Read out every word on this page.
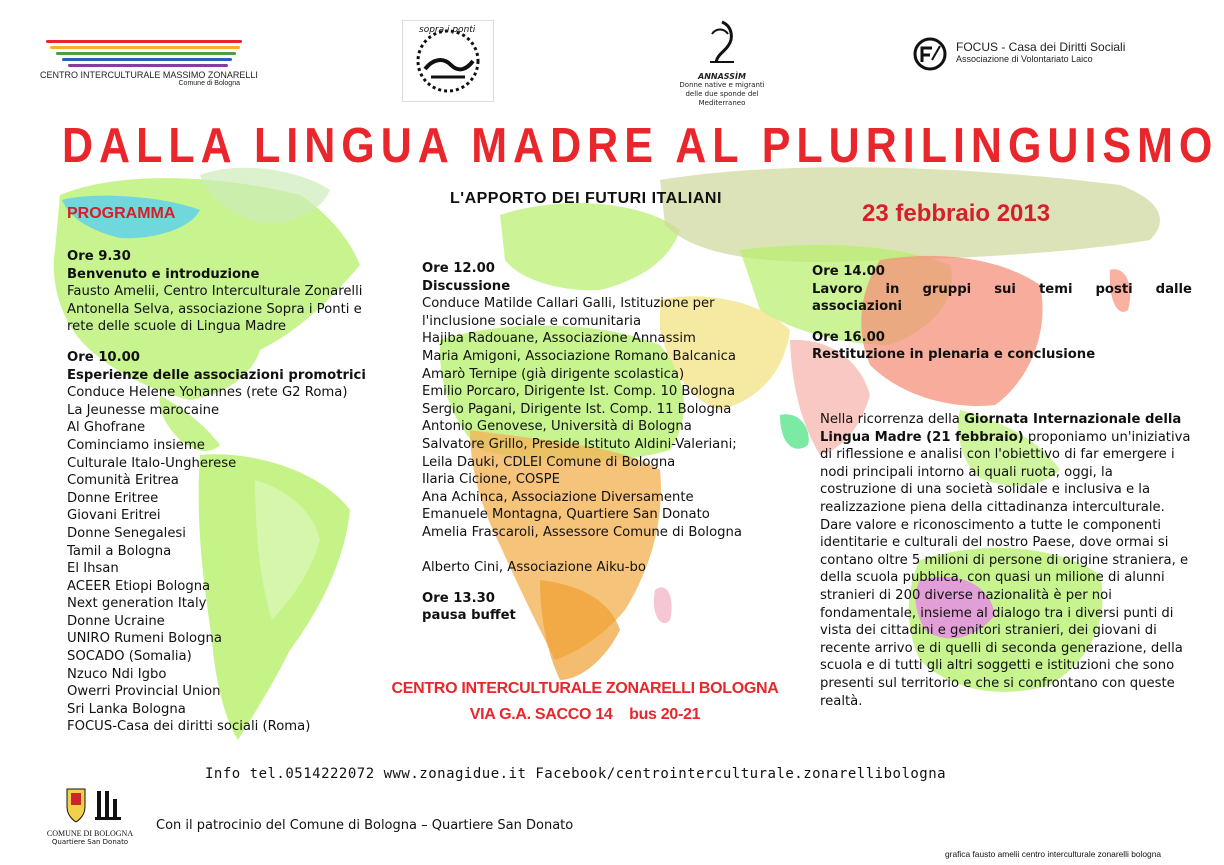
CENTRO INTERCULTURALE MASSIMO ZONARELLI
Comune di Bologna
sopra i ponti
ANNASSÌM
Donne native e migranti delle due sponde del Mediterraneo
FOCUS - Casa dei Diritti Sociali
Associazione di Volontariato Laico
DALLA LINGUA MADRE AL PLURILINGUISMO
L'APPORTO DEI FUTURI ITALIANI
PROGRAMMA	23 febbraio 2013
Ore 9.30
Benvenuto e introduzione
Fausto Amelii, Centro Interculturale Zonarelli
Antonella Selva, associazione Sopra i Ponti e
rete delle scuole di Lingua Madre
Ore 10.00
Esperienze delle associazioni promotrici
Conduce Helene Yohannes (rete G2 Roma)
La Jeunesse marocaine
Al Ghofrane
Cominciamo insieme
Culturale Italo-Ungherese
Comunità Eritrea
Donne Eritree
Giovani Eritrei
Donne Senegalesi
Tamil a Bologna
El Ihsan
ACEER Etiopi Bologna
Next generation Italy
Donne Ucraine
UNIRO Rumeni Bologna
SOCADO (Somalia)
Nzuco Ndi Igbo
Owerri Provincial Union
Sri Lanka Bologna
FOCUS-Casa dei diritti sociali (Roma)
Ore 12.00
Discussione
Conduce Matilde Callari Galli, Istituzione per
l'inclusione sociale e comunitaria
Hajiba Radouane, Associazione Annassim
Maria Amigoni, Associazione Romano Balcanica
Amarò Ternipe (già dirigente scolastica)
Emilio Porcaro, Dirigente Ist. Comp. 10 Bologna
Sergio Pagani, Dirigente Ist. Comp. 11 Bologna
Antonio Genovese, Università di Bologna
Salvatore Grillo, Preside Istituto Aldini-Valeriani;
Leila Dauki, CDLEI Comune di Bologna
Ilaria Cicione, COSPE
Ana Achinca, Associazione Diversamente
Emanuele Montagna, Quartiere San Donato
Amelia Frascaroli, Assessore Comune di Bologna
Alberto Cini, Associazione Aiku-bo
Ore 13.30
pausa buffet
Ore 14.00
Lavoro in gruppi sui temi posti dalle
associazioni
Ore 16.00
Restituzione in plenaria e conclusione
Nella ricorrenza della Giornata Internazionale della Lingua Madre (21 febbraio) proponiamo un'iniziativa di riflessione e analisi con l'obiettivo di far emergere i nodi principali intorno ai quali ruota, oggi, la costruzione di una società solidale e inclusiva e la realizzazione piena della cittadinanza interculturale. Dare valore e riconoscimento a tutte le componenti identitarie e culturali del nostro Paese, dove ormai si contano oltre 5 milioni di persone di origine straniera, e della scuola pubblica, con quasi un milione di alunni stranieri di 200 diverse nazionalità è per noi fondamentale, insieme al dialogo tra i diversi punti di vista dei cittadini e genitori stranieri, dei giovani di recente arrivo e di quelli di seconda generazione, della scuola e di tutti gli altri soggetti e istituzioni che sono presenti sul territorio e che si confrontano con queste realtà.
CENTRO INTERCULTURALE ZONARELLI BOLOGNA
VIA G.A. SACCO 14    bus 20-21
Info tel.0514222072 www.zonagidue.it Facebook/centrointerculturale.zonarellibologna
COMUNE DI BOLOGNA
Quartiere San Donato
Con il patrocinio del Comune di Bologna – Quartiere San Donato
grafica fausto amelii centro interculturale zonarelli bologna
